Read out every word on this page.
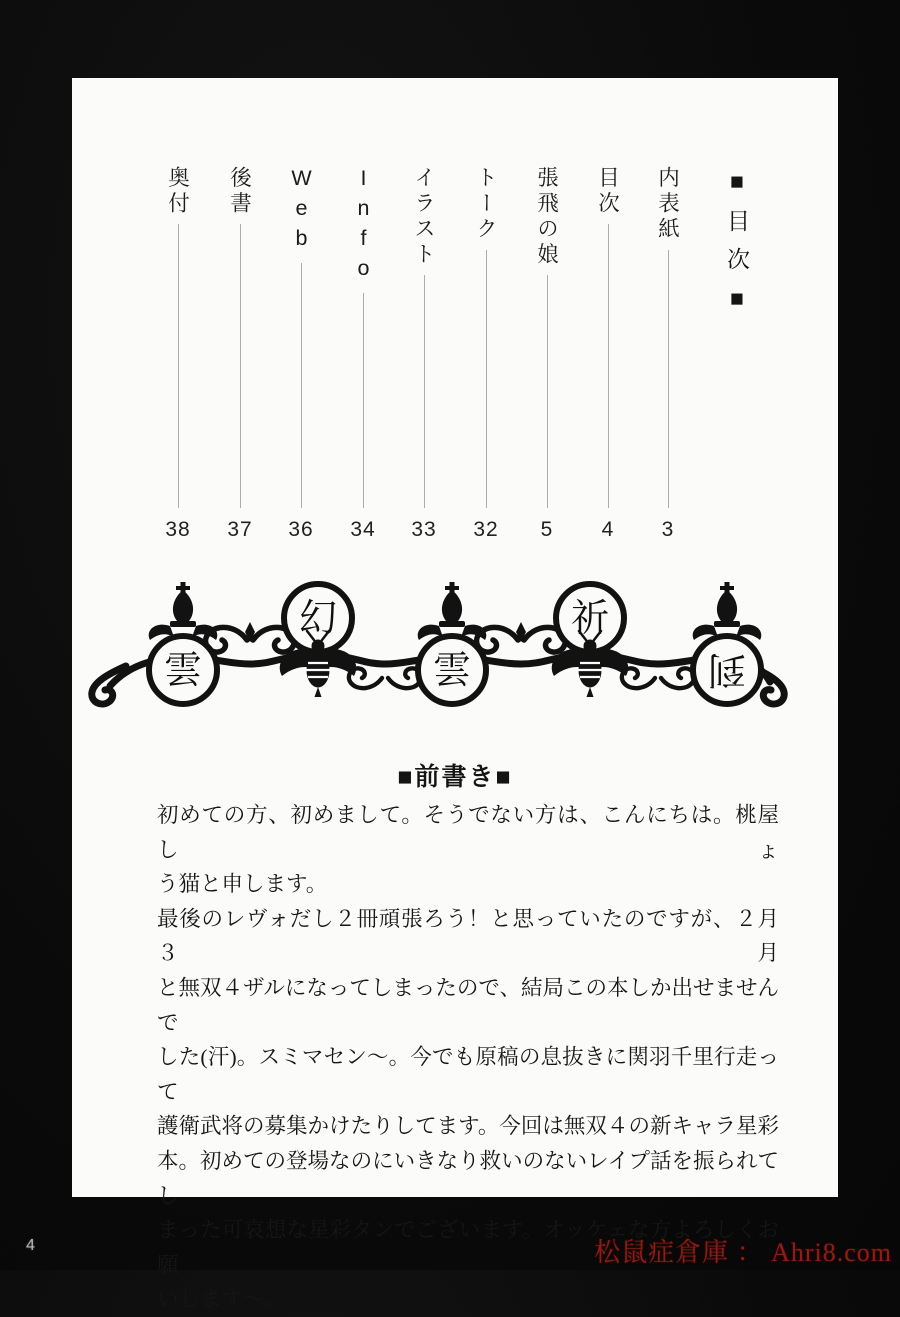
■目次■
内表紙
3
目次
4
張飛の娘
5
トーク
32
イラスト
33
Info
34
Web
36
後書
37
奥付
38
雲
幻
雲
祈
到
■前書き■
初めての方、初めまして。そうでない方は、こんにちは。桃屋しょ
う猫と申します。
最後のレヴォだし２冊頑張ろう！と思っていたのですが、２月３月
と無双４ザルになってしまったので、結局この本しか出せませんで
した(汗)。スミマセン〜。今でも原稿の息抜きに関羽千里行走って
護衛武将の募集かけたりしてます。今回は無双４の新キャラ星彩
本。初めての登場なのにいきなり救いのないレイプ話を振られてし
まった可哀想な星彩タンでございます。オッケェな方よろしくお願
いします〜。
4	松鼠症倉庫 ： Ahri8.com
